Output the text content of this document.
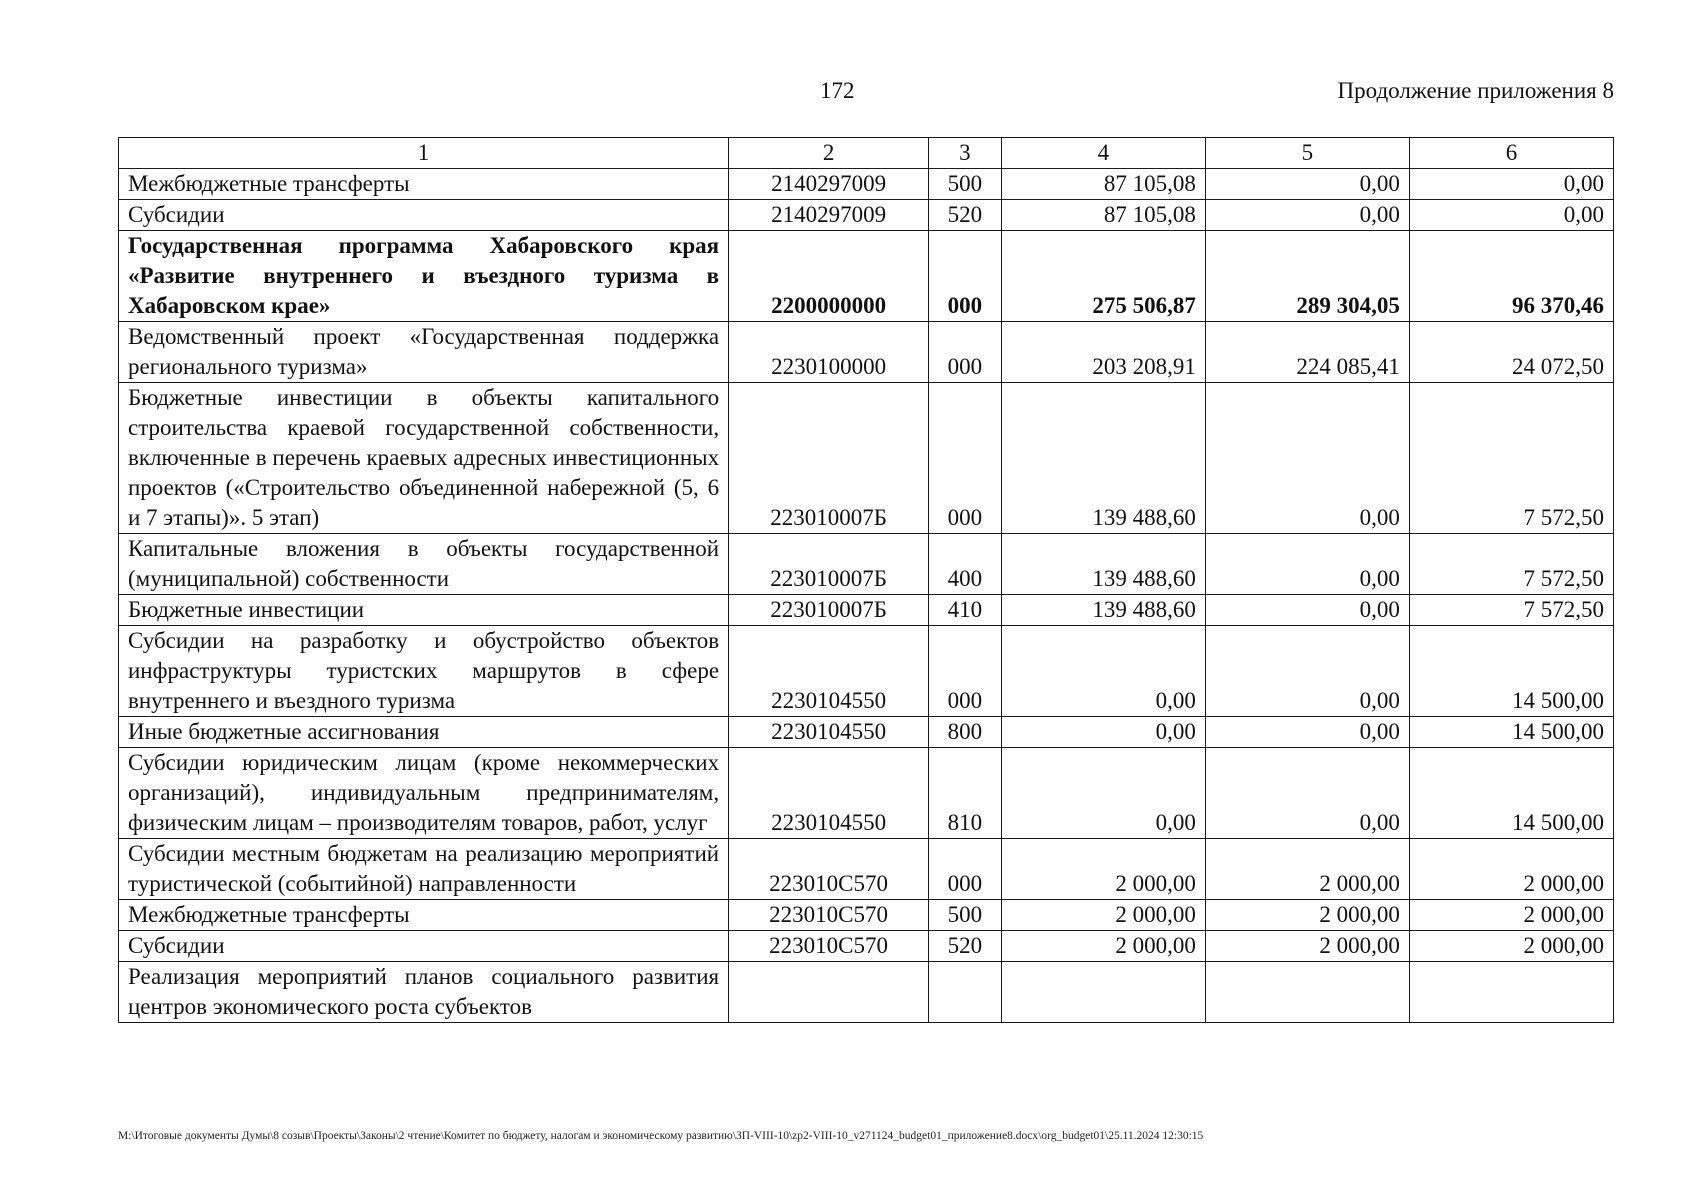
172	Продолжение приложения 8
1	2	3	4	5	6
Межбюджетные трансферты	2140297009	500	87 105,08	0,00	0,00
Субсидии	2140297009	520	87 105,08	0,00	0,00
Государственная программа Хабаровского края «Развитие внутреннего и въездного туризма в Хабаровском крае»	2200000000	000	275 506,87	289 304,05	96 370,46
Ведомственный проект «Государственная поддержка регионального туризма»	2230100000	000	203 208,91	224 085,41	24 072,50
Бюджетные инвестиции в объекты капитального строительства краевой государственной собственности, включенные в перечень краевых адресных инвестиционных проектов («Строительство объединенной набережной (5, 6 и 7 этапы)». 5 этап)	223010007Б	000	139 488,60	0,00	7 572,50
Капитальные вложения в объекты государственной (муниципальной) собственности	223010007Б	400	139 488,60	0,00	7 572,50
Бюджетные инвестиции	223010007Б	410	139 488,60	0,00	7 572,50
Субсидии на разработку и обустройство объектов инфраструктуры туристских маршрутов в сфере внутреннего и въездного туризма	2230104550	000	0,00	0,00	14 500,00
Иные бюджетные ассигнования	2230104550	800	0,00	0,00	14 500,00
Субсидии юридическим лицам (кроме некоммерческих организаций), индивидуальным предпринимателям, физическим лицам – производителям товаров, работ, услуг	2230104550	810	0,00	0,00	14 500,00
Субсидии местным бюджетам на реализацию мероприятий туристической (событийной) направленности	223010С570	000	2 000,00	2 000,00	2 000,00
Межбюджетные трансферты	223010С570	500	2 000,00	2 000,00	2 000,00
Субсидии	223010С570	520	2 000,00	2 000,00	2 000,00
Реализация мероприятий планов социального развития центров экономического роста субъектов					
M:\Итоговые документы Думы\8 созыв\Проекты\Законы\2 чтение\Комитет по бюджету, налогам и экономическому развитию\ЗП-VIII-10\zp2-VIII-10_v271124_budget01_приложение8.docx\org_budget01\25.11.2024 12:30:15
